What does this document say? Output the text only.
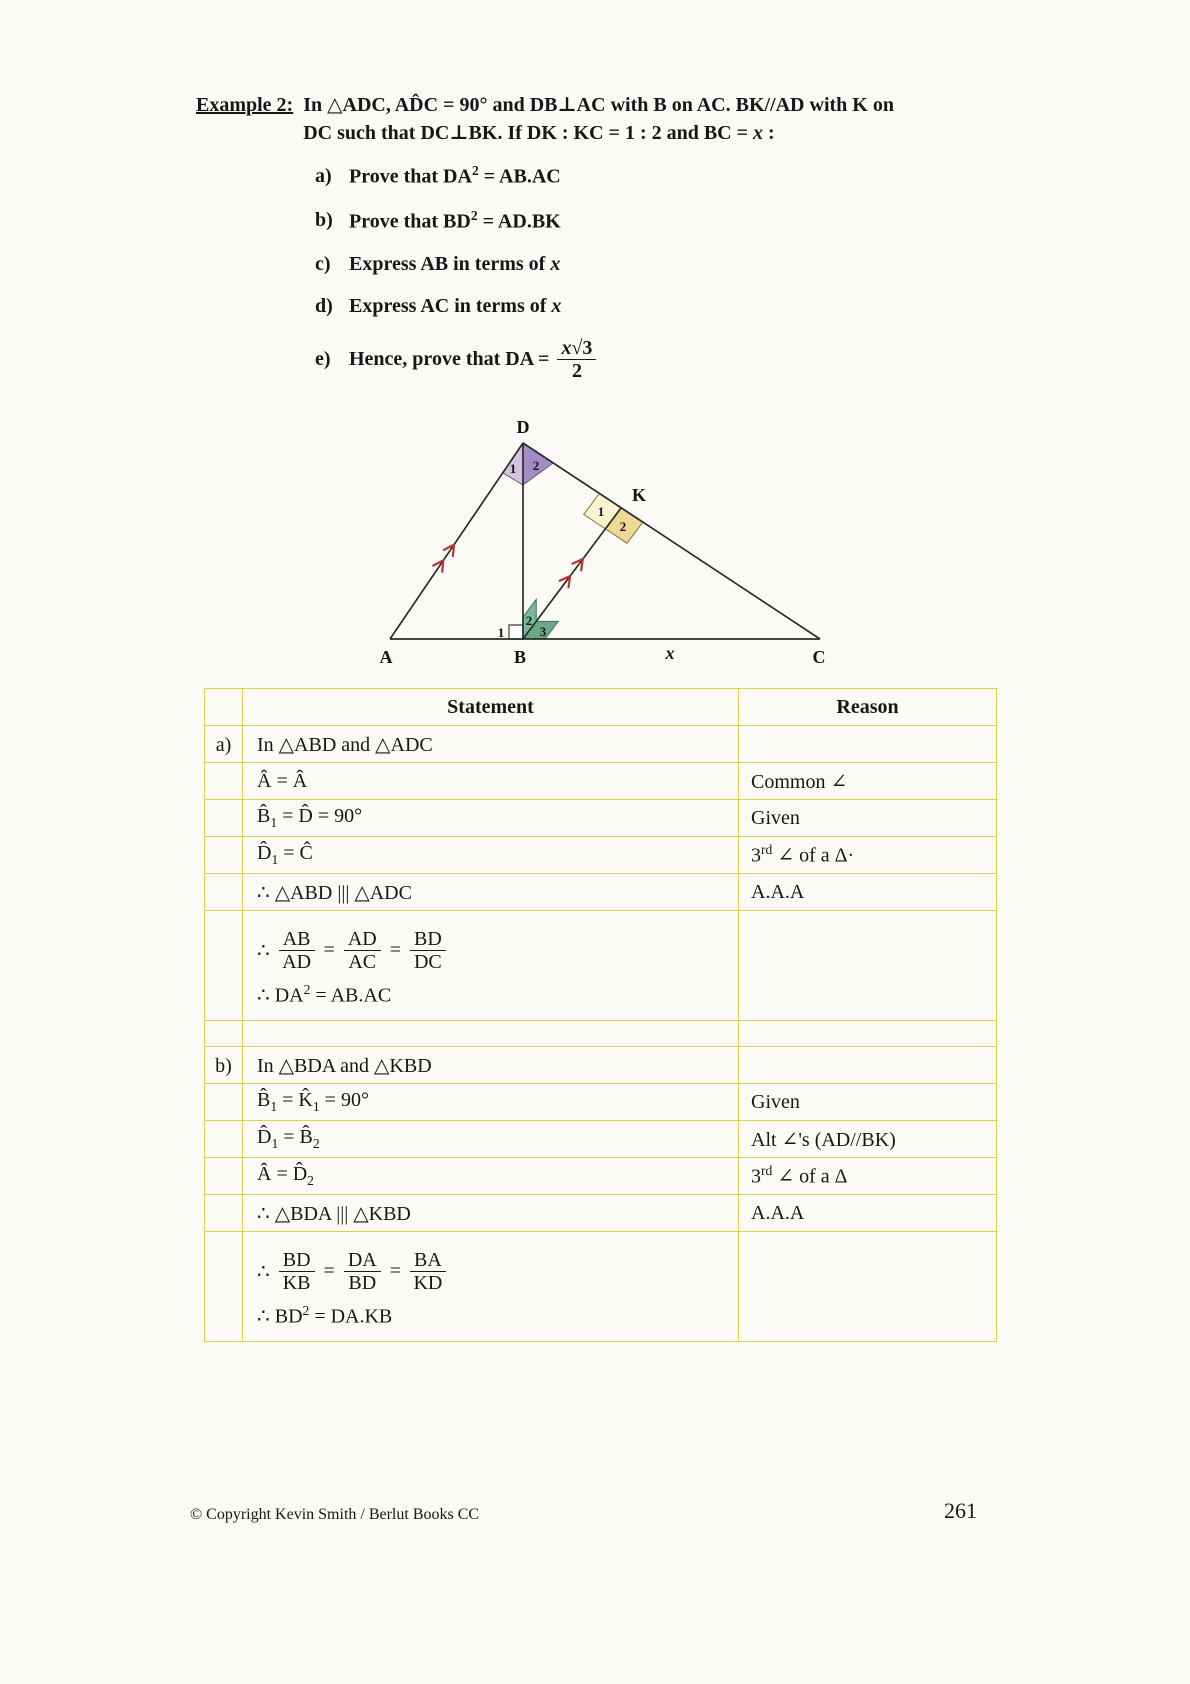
Example 2: In △ADC, AD̂C = 90° and DB⊥AC with B on AC. BK//AD with K on
DC such that DC⊥BK. If DK : KC = 1 : 2 and BC = x :
a) Prove that $DA^2 = AB.AC$
b) Prove that $BD^2 = AD.BK$
c) Express AB in terms of x
d) Express AC in terms of x
e) Hence, prove that DA = $\frac{x√3}{2}$
D
A	B	C
K
x
1 2
1
2
1
2
3
	Statement	Reason
a)	In △ABD and △ADC	
	Â = Â	Common ∠
	$B̂_1$ = D̂ = 90°	Given
	$D̂_1$ = Ĉ	3rd ∠ of a Δ·
	∴ △ABD ||| △ADC	A.A.A

∴ $\frac{AB}{AD} = \frac{AD}{AC} = \frac{BD}{DC}$
∴ $DA^2 = AB.AC$

b)	In △BDA and △KBD	
	$B̂_1$ = $K̂_1 = 90^\circ$	Given
	$D̂_1$ = $B̂_2$	Alt ∠'s (AD//BK)
	Â = $D̂_2$	3rd ∠ of a Δ
	∴ △BDA ||| △KBD	A.A.A

∴ $\frac{BD}{KB} = \frac{DA}{BD} = \frac{BA}{KD}$
∴ $BD^2 = DA.KB$

© Copyright Kevin Smith / Berlut Books CC	261
